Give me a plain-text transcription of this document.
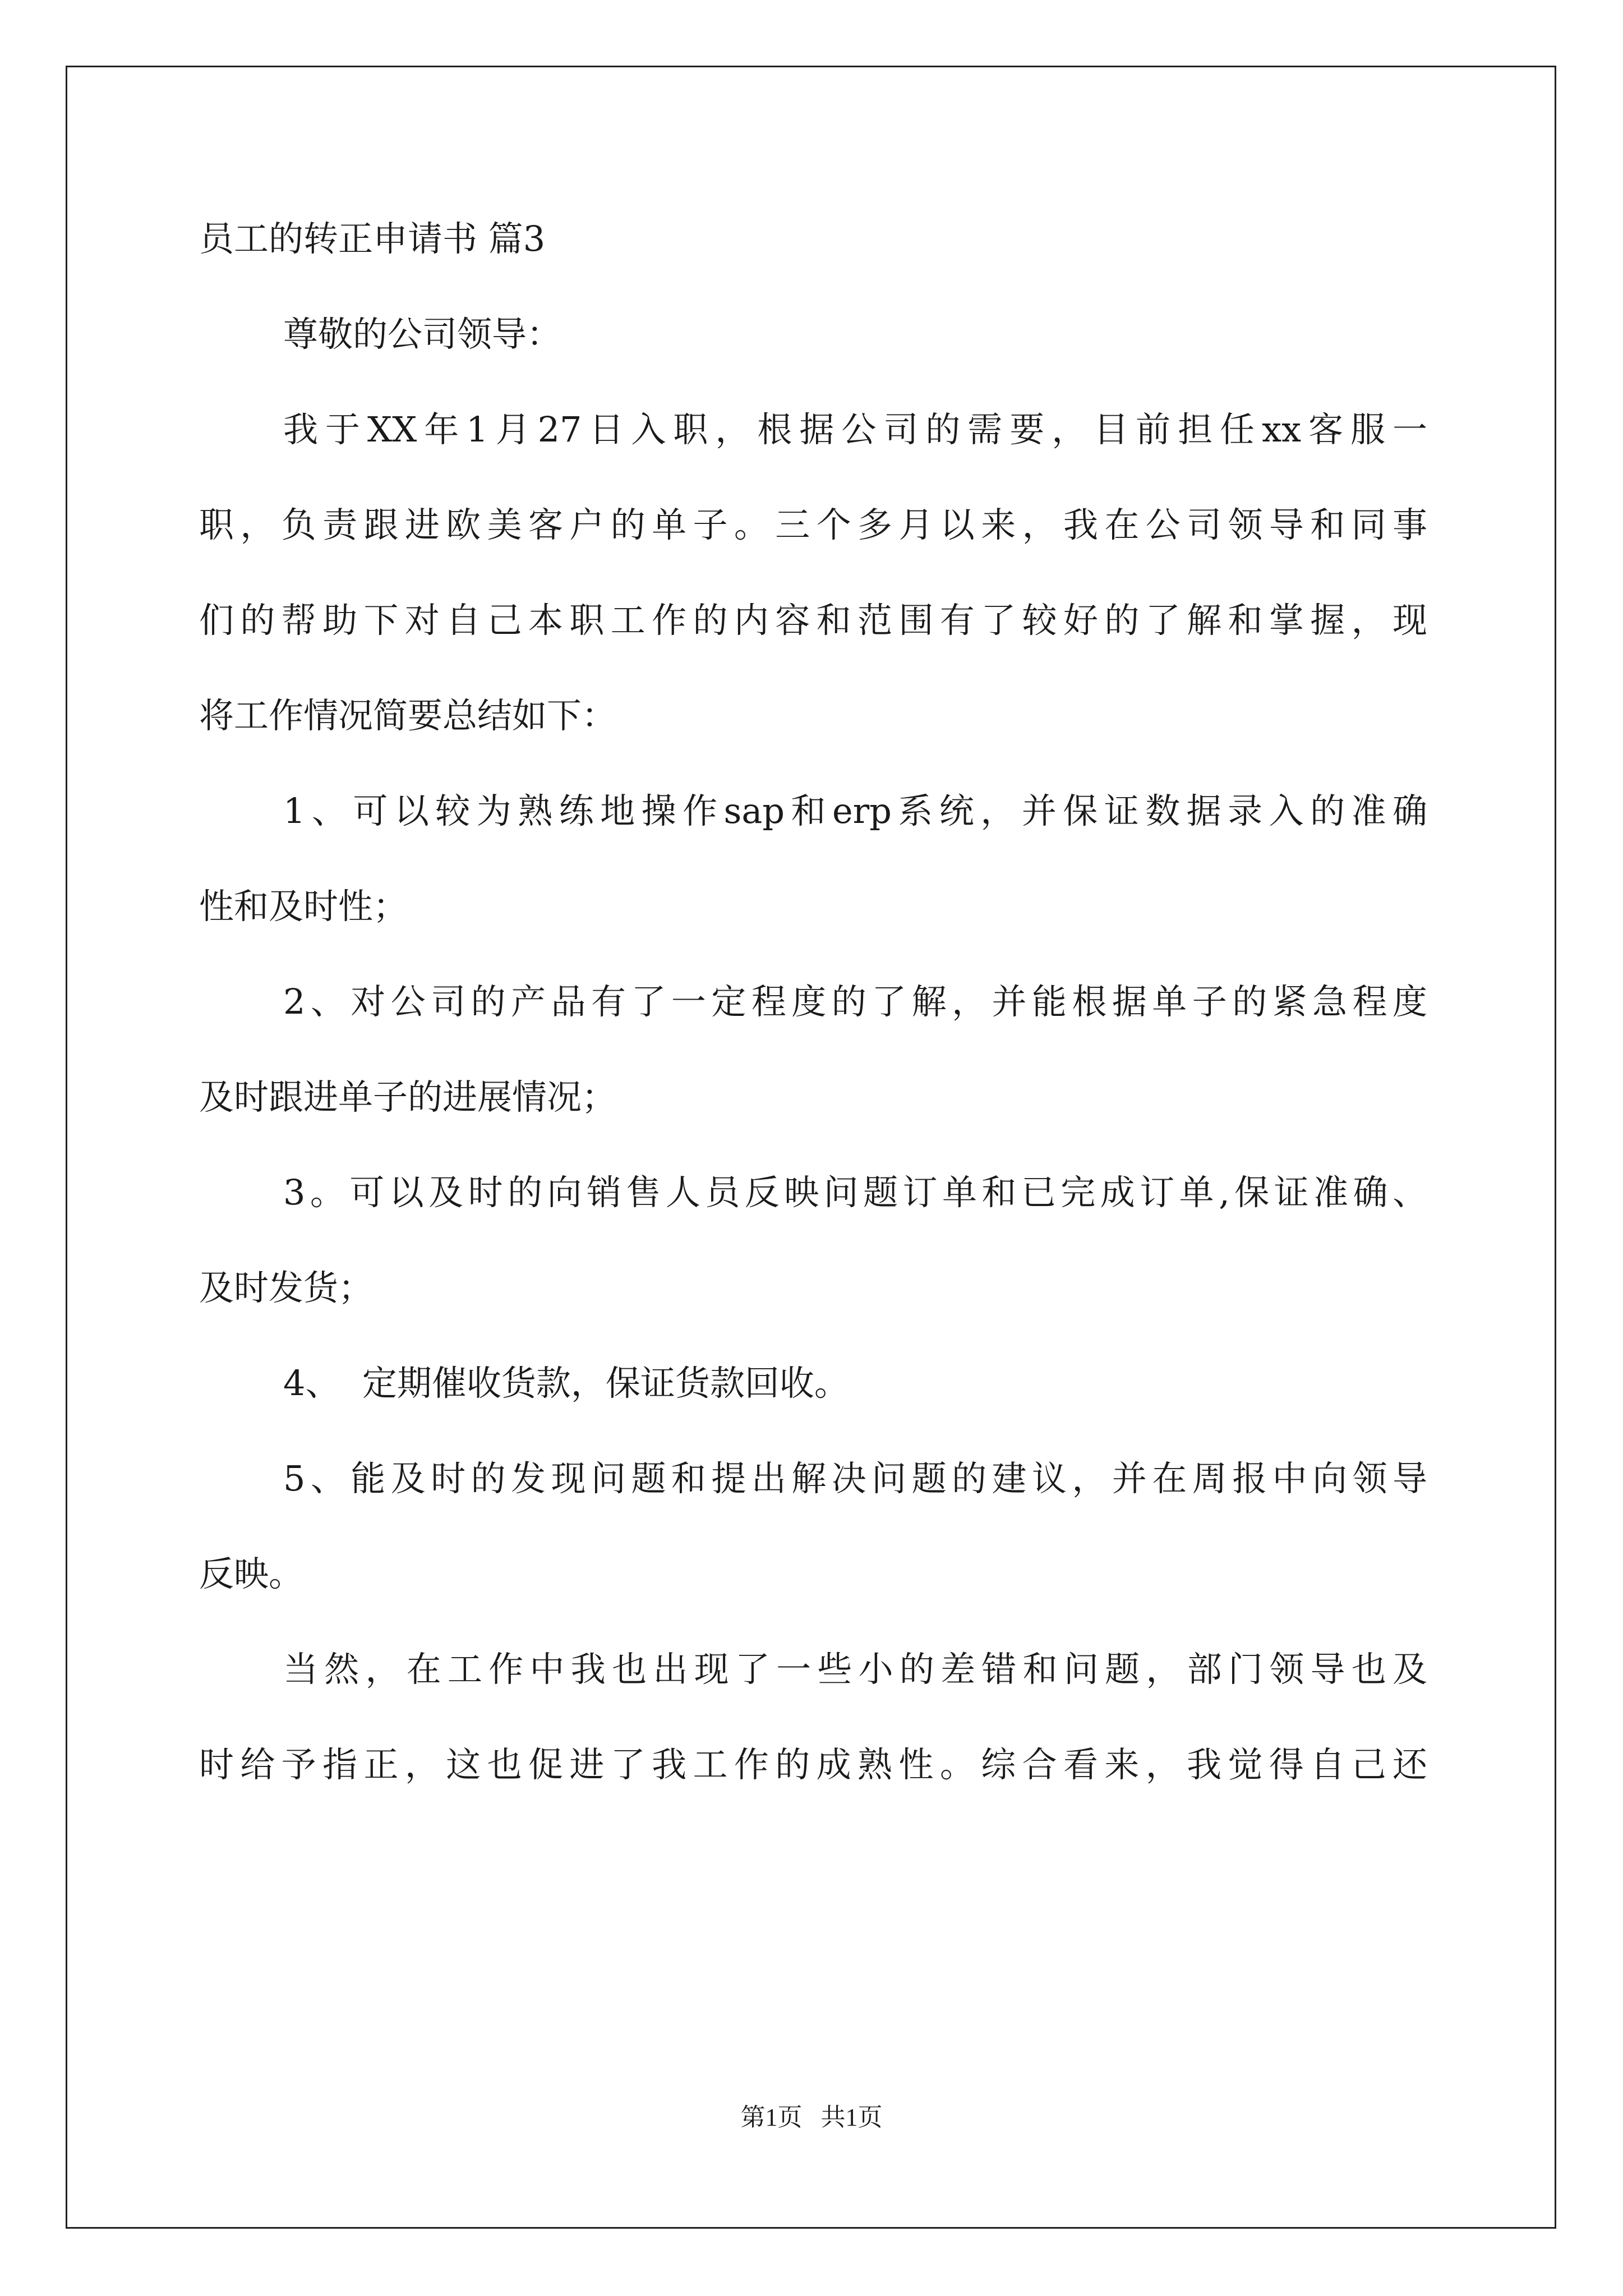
员工的转正申请书 篇3
尊敬的公司领导：
我于XX年1月27日入职，根据公司的需要，目前担任xx客服一
职，负责跟进欧美客户的单子。三个多月以来，我在公司领导和同事
们的帮助下对自己本职工作的内容和范围有了较好的了解和掌握，现
将工作情况简要总结如下：
1、可以较为熟练地操作sap和erp系统，并保证数据录入的准确
性和及时性；
2、对公司的产品有了一定程度的了解，并能根据单子的紧急程度
及时跟进单子的进展情况；
3。可以及时的向销售人员反映问题订单和已完成订单,保证准确、
及时发货；
4、  定期催收货款，保证货款回收。
5、能及时的发现问题和提出解决问题的建议，并在周报中向领导
反映。
当然，在工作中我也出现了一些小的差错和问题，部门领导也及
时给予指正，这也促进了我工作的成熟性。综合看来，我觉得自己还
第1页   共1页
